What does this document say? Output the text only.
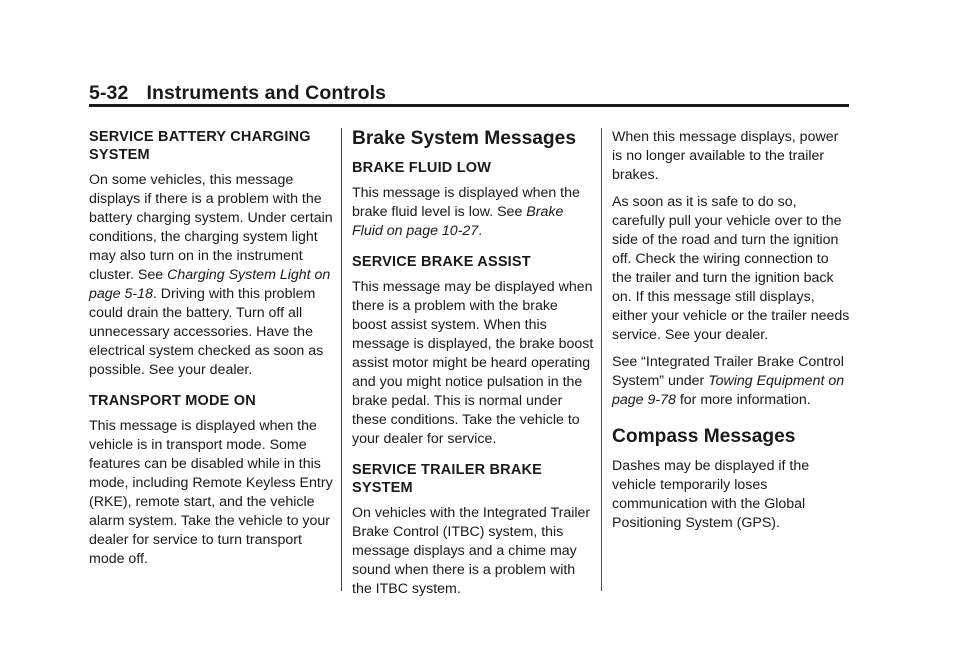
5-32 Instruments and Controls
SERVICE BATTERY CHARGING SYSTEM

On some vehicles, this message displays if there is a problem with the battery charging system. Under certain conditions, the charging system light may also turn on in the instrument cluster. See Charging System Light on page 5-18. Driving with this problem could drain the battery. Turn off all unnecessary accessories. Have the electrical system checked as soon as possible. See your dealer.

TRANSPORT MODE ON

This message is displayed when the vehicle is in transport mode. Some features can be disabled while in this mode, including Remote Keyless Entry (RKE), remote start, and the vehicle alarm system. Take the vehicle to your dealer for service to turn transport mode off.

Brake System Messages
BRAKE FLUID LOW

This message is displayed when the brake fluid level is low. See Brake Fluid on page 10-27.

SERVICE BRAKE ASSIST

This message may be displayed when there is a problem with the brake boost assist system. When this message is displayed, the brake boost assist motor might be heard operating and you might notice pulsation in the brake pedal. This is normal under these conditions. Take the vehicle to your dealer for service.

SERVICE TRAILER BRAKE SYSTEM

On vehicles with the Integrated Trailer Brake Control (ITBC) system, this message displays and a chime may sound when there is a problem with the ITBC system.

When this message displays, power is no longer available to the trailer brakes.

As soon as it is safe to do so, carefully pull your vehicle over to the side of the road and turn the ignition off. Check the wiring connection to the trailer and turn the ignition back on. If this message still displays, either your vehicle or the trailer needs service. See your dealer.

See “Integrated Trailer Brake Control System” under Towing Equipment on page 9-78 for more information.

Compass Messages

Dashes may be displayed if the vehicle temporarily loses communication with the Global Positioning System (GPS).
